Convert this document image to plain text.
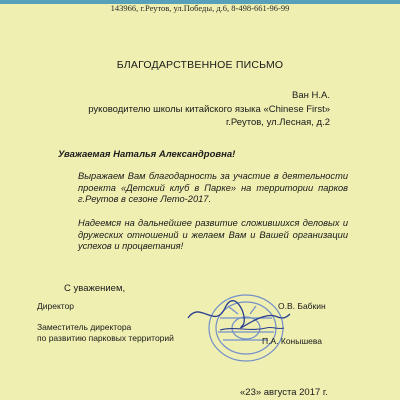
143966, г.Реутов, ул.Победы, д.6, 8-498-661-96-99
БЛАГОДАРСТВЕННОЕ ПИСЬМО
Ван Н.А.
руководителю школы китайского языка «Chinese First»
г.Реутов, ул.Лесная, д.2
Уважаемая Наталья Александровна!
Выражаем Вам благодарность за участие в деятельности проекта «Детский клуб в Парке» на территории парков г.Реутов в сезоне Лето-2017.
Надеемся на дальнейшее развитие сложившихся деловых и дружеских отношений и желаем Вам и Вашей организации успехов и процветания!
С уважением,
Директор	О.В. Бабкин
Заместитель директора
по развитию парковых территорий	П.А. Конышева
«23» августа 2017 г.
